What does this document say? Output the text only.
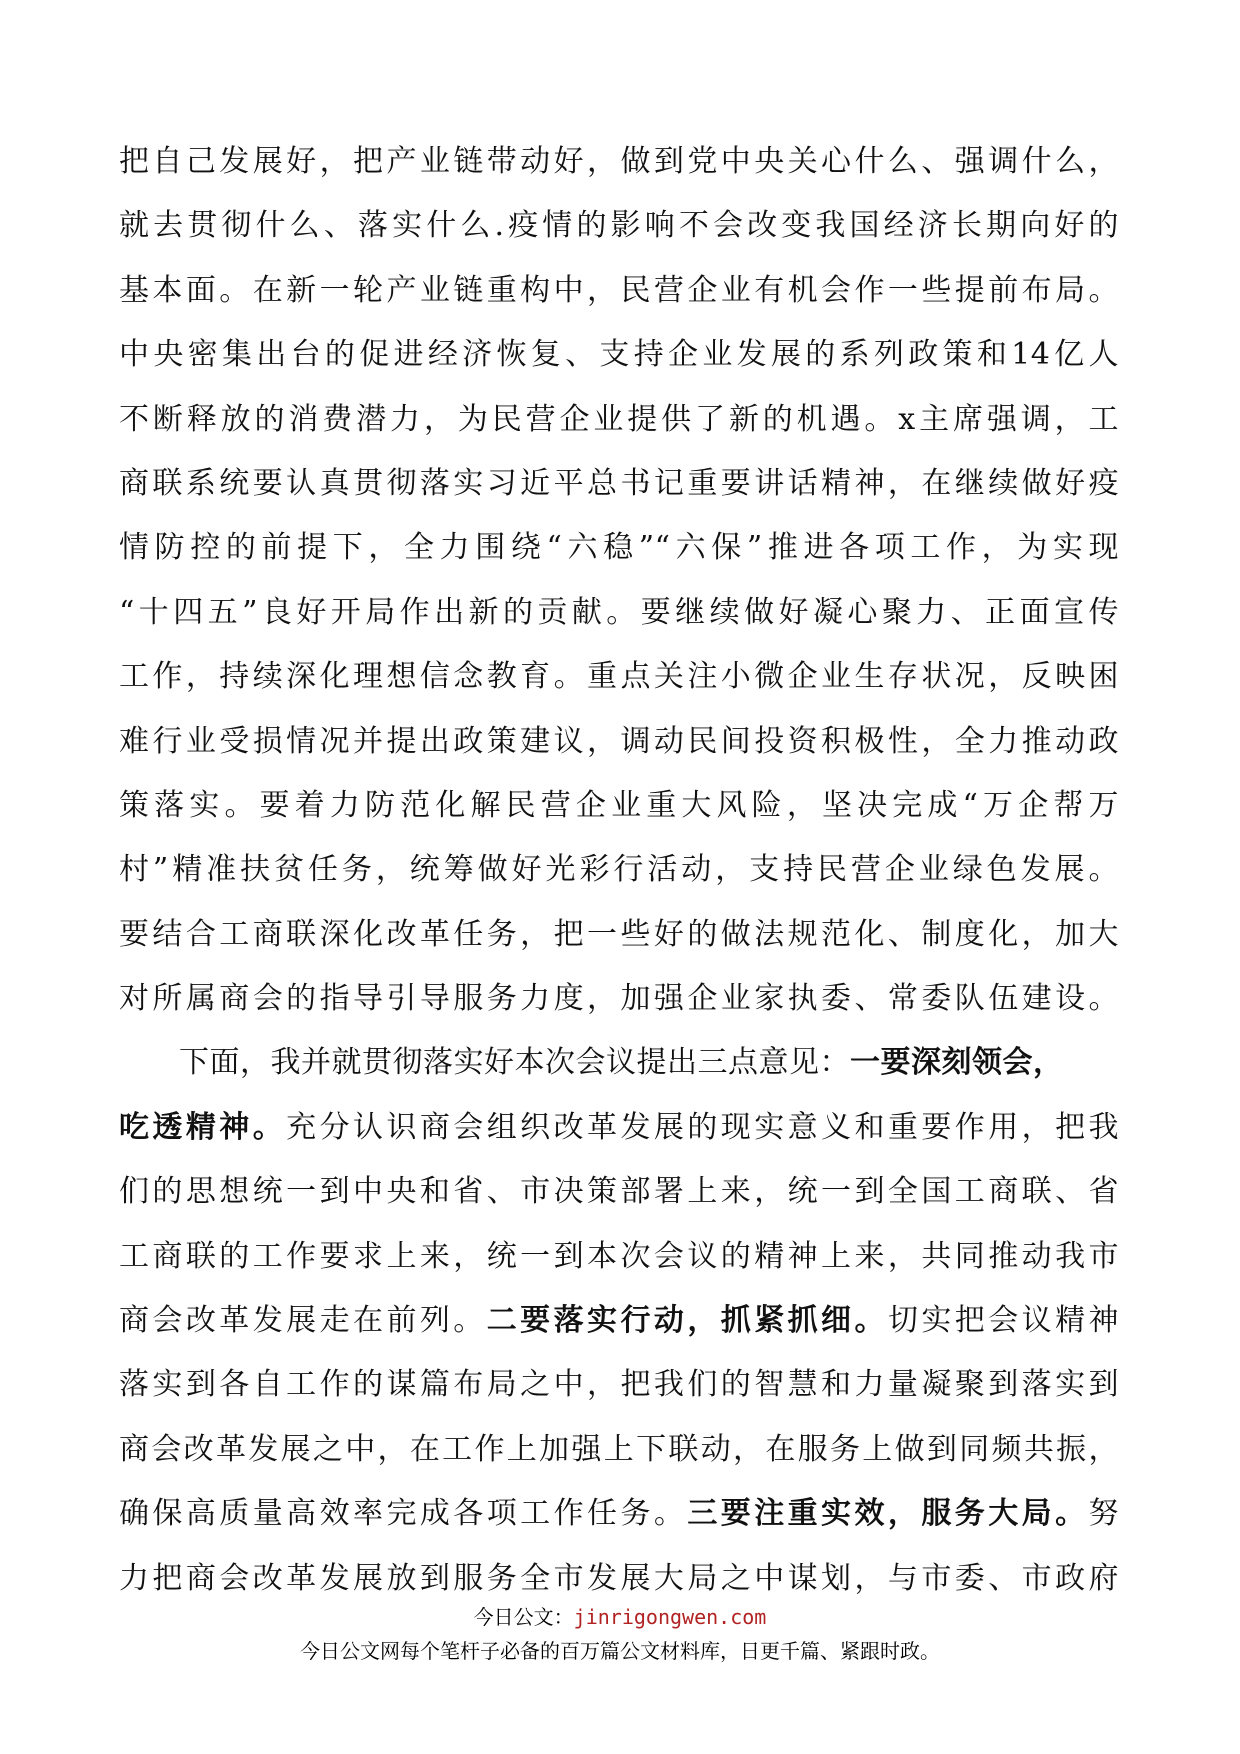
把自己发展好，把产业链带动好，做到党中央关心什么、强调什么，
就去贯彻什么、落实什么.疫情的影响不会改变我国经济长期向好的
基本面。在新一轮产业链重构中，民营企业有机会作一些提前布局。
中央密集出台的促进经济恢复、支持企业发展的系列政策和14亿人
不断释放的消费潜力，为民营企业提供了新的机遇。x主席强调，工
商联系统要认真贯彻落实习近平总书记重要讲话精神，在继续做好疫
情防控的前提下，全力围绕“六稳”“六保”推进各项工作，为实现
“十四五”良好开局作出新的贡献。要继续做好凝心聚力、正面宣传
工作，持续深化理想信念教育。重点关注小微企业生存状况，反映困
难行业受损情况并提出政策建议，调动民间投资积极性，全力推动政
策落实。要着力防范化解民营企业重大风险，坚决完成“万企帮万
村”精准扶贫任务，统筹做好光彩行活动，支持民营企业绿色发展。
要结合工商联深化改革任务，把一些好的做法规范化、制度化，加大
对所属商会的指导引导服务力度，加强企业家执委、常委队伍建设。
下面，我并就贯彻落实好本次会议提出三点意见：一要深刻领会，
吃透精神。充分认识商会组织改革发展的现实意义和重要作用，把我
们的思想统一到中央和省、市决策部署上来，统一到全国工商联、省
工商联的工作要求上来，统一到本次会议的精神上来，共同推动我市
商会改革发展走在前列。二要落实行动，抓紧抓细。切实把会议精神
落实到各自工作的谋篇布局之中，把我们的智慧和力量凝聚到落实到
商会改革发展之中，在工作上加强上下联动，在服务上做到同频共振，
确保高质量高效率完成各项工作任务。三要注重实效，服务大局。努
力把商会改革发展放到服务全市发展大局之中谋划，与市委、市政府
今日公文：jinrigongwen.com
今日公文网每个笔杆子必备的百万篇公文材料库，日更千篇、紧跟时政。
